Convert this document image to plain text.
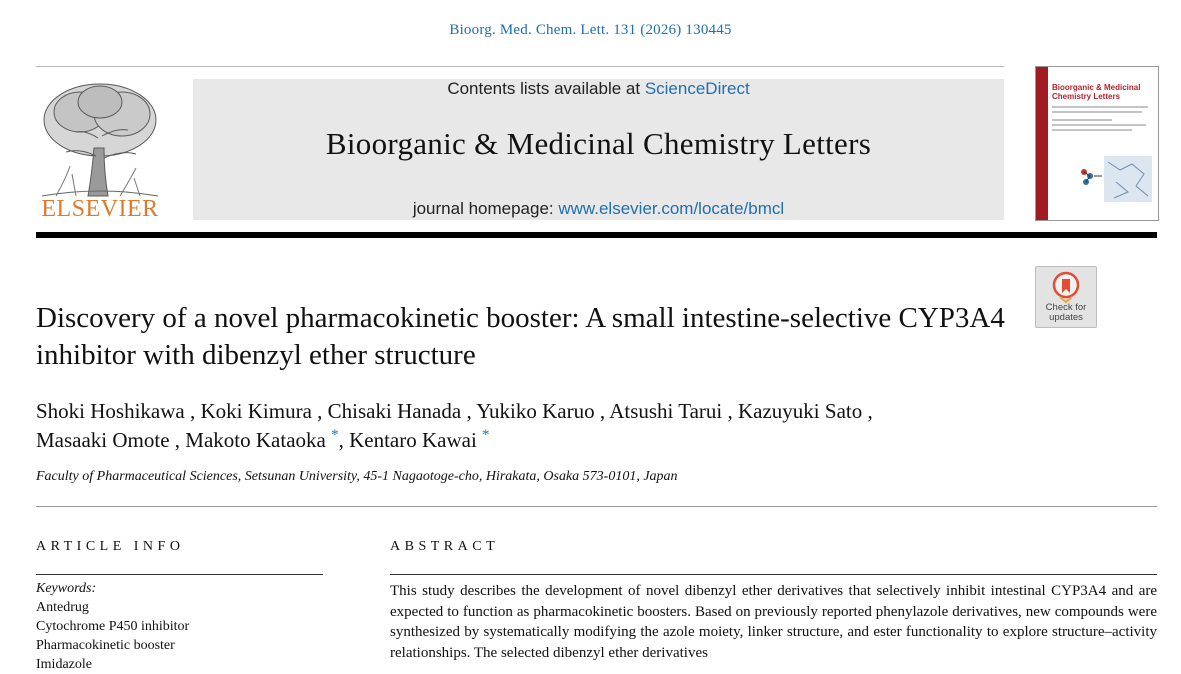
Bioorg. Med. Chem. Lett. 131 (2026) 130445
ELSEVIER
Contents lists available at ScienceDirect
Bioorganic & Medicinal Chemistry Letters
journal homepage: www.elsevier.com/locate/bmcl
Bioorganic & Medicinal Chemistry Letters
Check for
updates
Discovery of a novel pharmacokinetic booster: A small intestine-selective CYP3A4 inhibitor with dibenzyl ether structure
Shoki Hoshikawa , Koki Kimura , Chisaki Hanada , Yukiko Karuo , Atsushi Tarui , Kazuyuki Sato ,
Masaaki Omote , Makoto Kataoka *, Kentaro Kawai *
Faculty of Pharmaceutical Sciences, Setsunan University, 45-1 Nagaotoge-cho, Hirakata, Osaka 573-0101, Japan
ARTICLE INFO	ABSTRACT
Keywords:
Antedrug
Cytochrome P450 inhibitor
Pharmacokinetic booster
Imidazole

This study describes the development of novel dibenzyl ether derivatives that selectively inhibit intestinal CYP3A4 and are expected to function as pharmacokinetic boosters. Based on previously reported phenylazole derivatives, new compounds were synthesized by systematically modifying the azole moiety, linker structure, and ester functionality to explore structure–activity relationships. The selected dibenzyl ether derivatives
